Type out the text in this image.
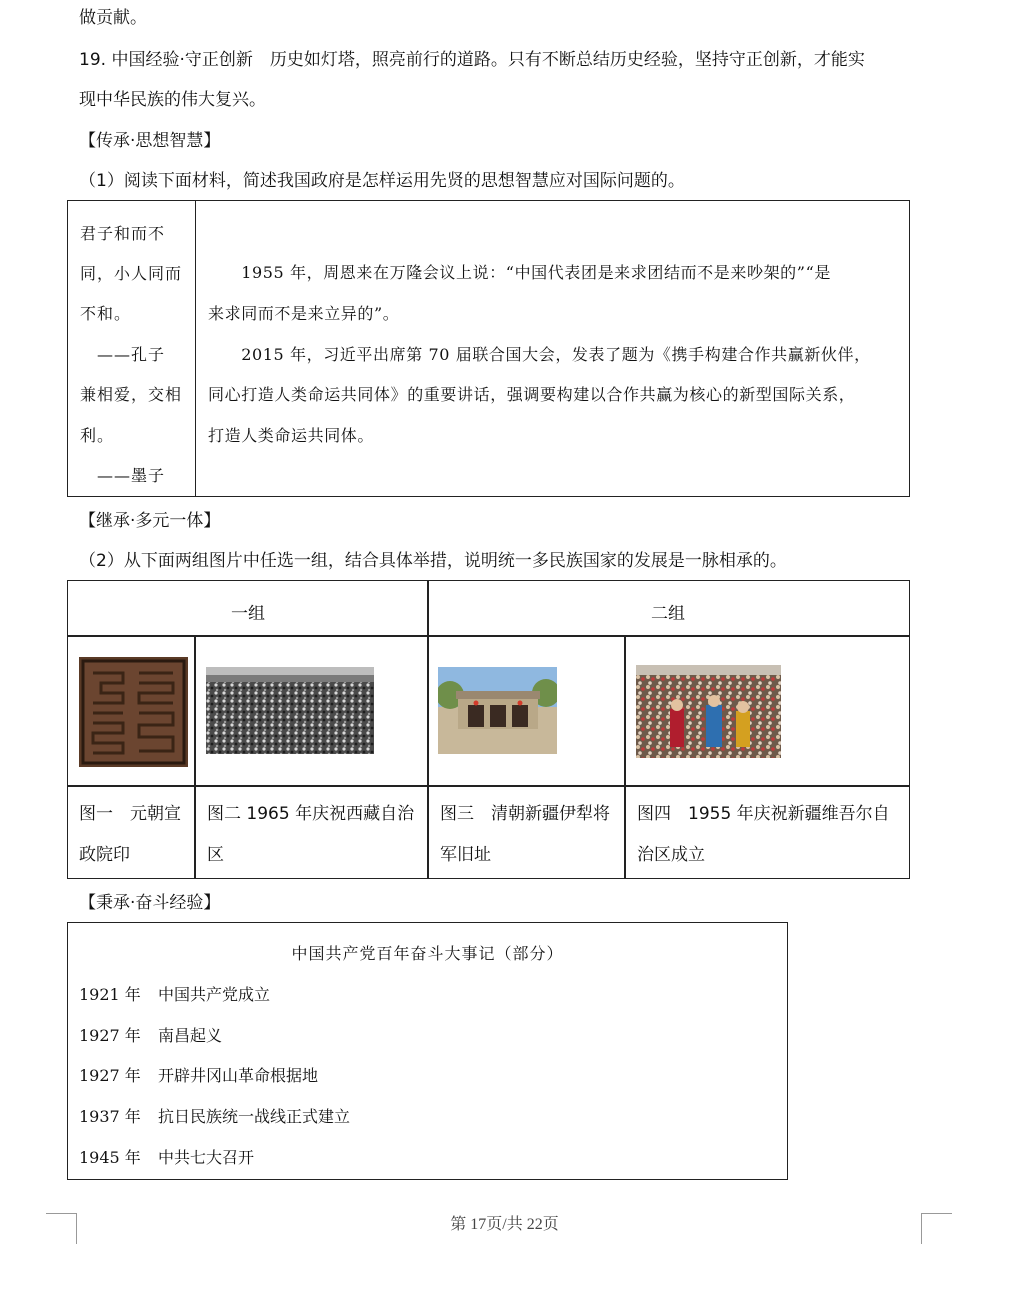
做贡献。
19. 中国经验·守正创新　历史如灯塔，照亮前行的道路。只有不断总结历史经验，坚持守正创新，才能实
现中华民族的伟大复兴。
【传承·思想智慧】
（1）阅读下面材料，简述我国政府是怎样运用先贤的思想智慧应对国际问题的。
君子和而不
同，小人同而
不和。
　——孔子
兼相爱，交相
利。
　——墨子
　　1955 年，周恩来在万隆会议上说：“中国代表团是来求团结而不是来吵架的”“是
来求同而不是来立异的”。
　　2015 年，习近平出席第 70 届联合国大会，发表了题为《携手构建合作共赢新伙伴，
同心打造人类命运共同体》的重要讲话，强调要构建以合作共赢为核心的新型国际关系，
打造人类命运共同体。
【继承·多元一体】
（2）从下面两组图片中任选一组，结合具体举措，说明统一多民族国家的发展是一脉相承的。
一组	二组
图一　元朝宣
政院印
图二 1965 年庆祝西藏自治
区
图三　清朝新疆伊犁将
军旧址
图四　1955 年庆祝新疆维吾尔自
治区成立
【秉承·奋斗经验】
中国共产党百年奋斗大事记（部分）
1921 年 中国共产党成立
1927 年 南昌起义
1927 年 开辟井冈山革命根据地
1937 年 抗日民族统一战线正式建立
1945 年 中共七大召开
第 17页/共 22页
